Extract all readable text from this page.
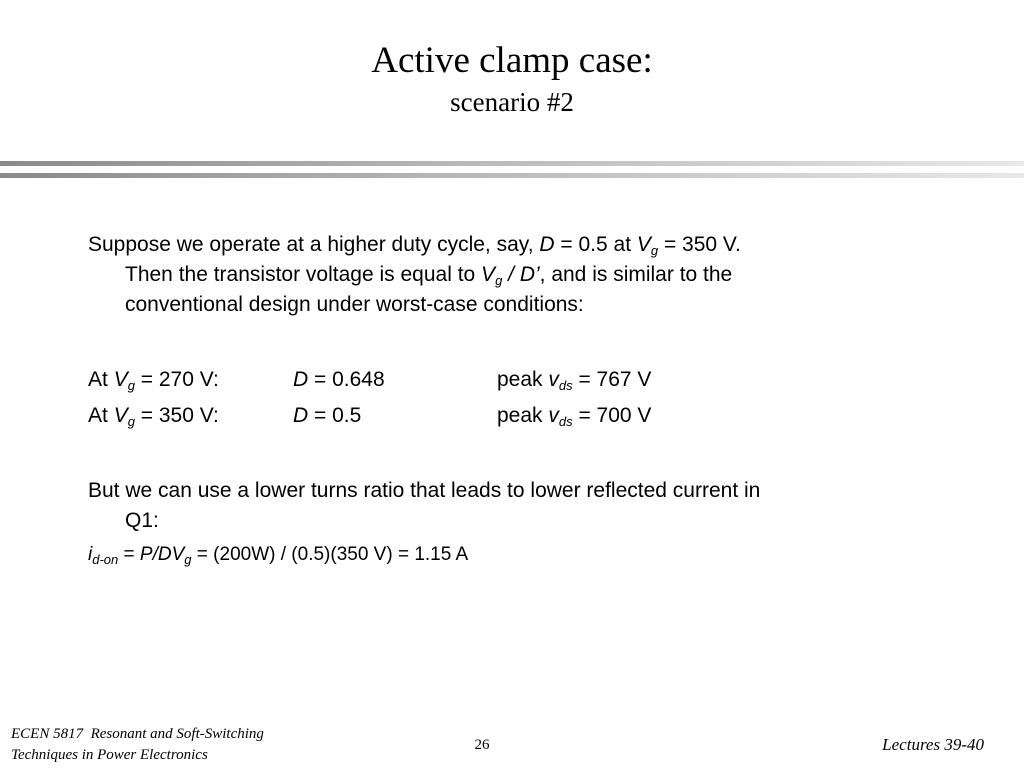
Active clamp case:
scenario #2
Suppose we operate at a higher duty cycle, say, D = 0.5 at $V_g = 350$ V.
Then the transistor voltage is equal to $V_g$ / D’, and is similar to the
conventional design under worst-case conditions:
At $V_g = 270$ V:	D = 0.648	peak $v_{ds} = 767$ V
At $V_g = 350$ V:	D = 0.5	peak $v_{ds} = 700$ V
But we can use a lower turns ratio that leads to lower reflected current in
Q1:
$i_{d-on} = P/DV_g = (200W) / (0.5)(350$ V) = 1.15 A
ECEN 5817  Resonant and Soft-Switching
Techniques in Power Electronics
26	Lectures 39-40
